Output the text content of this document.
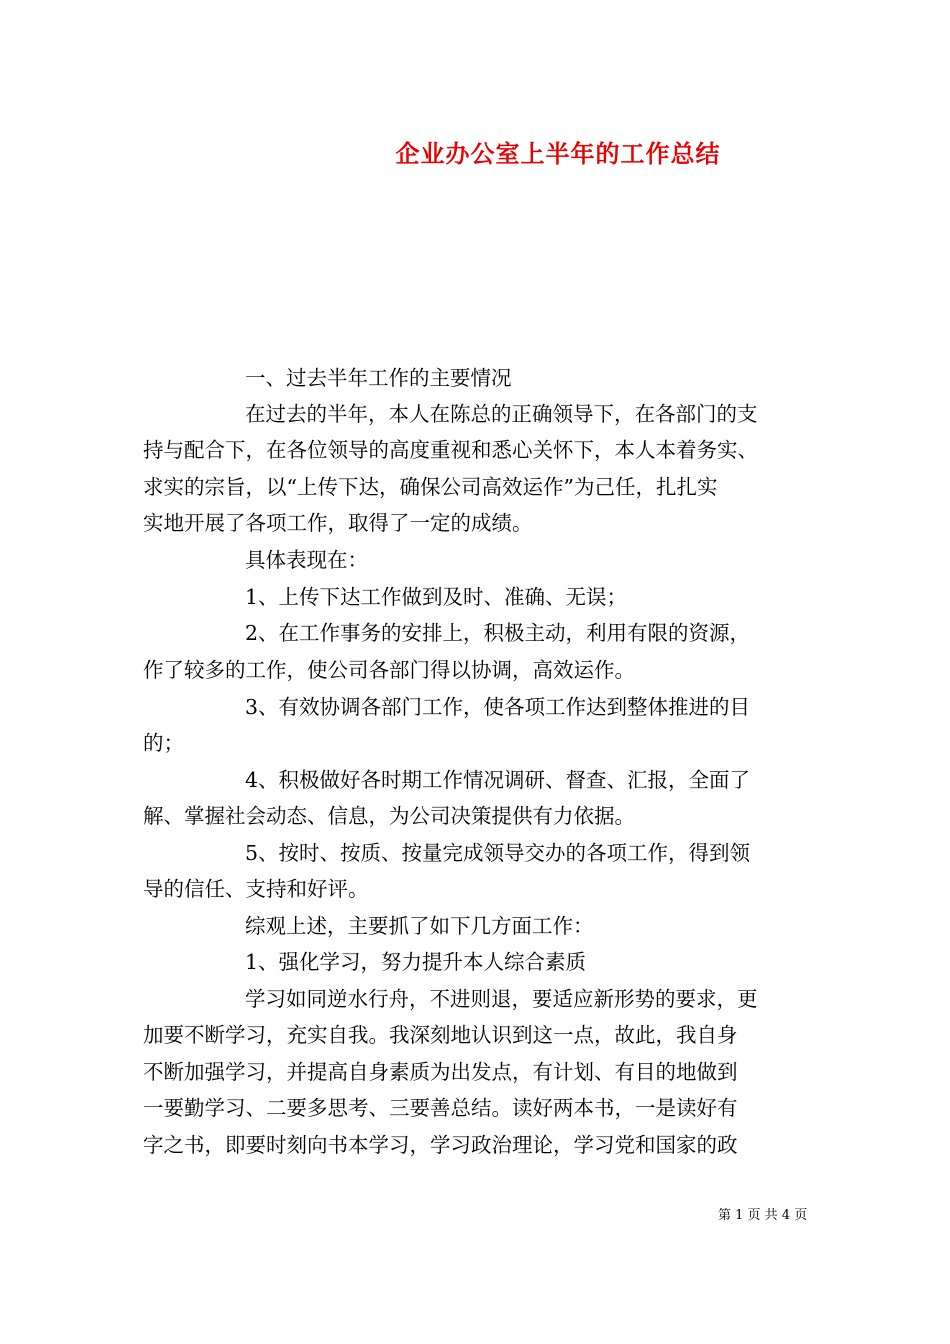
企业办公室上半年的工作总结
一、过去半年工作的主要情况
在过去的半年，本人在陈总的正确领导下，在各部门的支
持与配合下，在各位领导的高度重视和悉心关怀下，本人本着务实、
求实的宗旨，以“上传下达，确保公司高效运作”为己任，扎扎实
实地开展了各项工作，取得了一定的成绩。
具体表现在：
1、上传下达工作做到及时、准确、无误；
2、在工作事务的安排上，积极主动，利用有限的资源，
作了较多的工作，使公司各部门得以协调，高效运作。
3、有效协调各部门工作，使各项工作达到整体推进的目
的；
4、积极做好各时期工作情况调研、督查、汇报，全面了
解、掌握社会动态、信息，为公司决策提供有力依据。
5、按时、按质、按量完成领导交办的各项工作，得到领
导的信任、支持和好评。
综观上述，主要抓了如下几方面工作：
1、强化学习，努力提升本人综合素质
学习如同逆水行舟，不进则退，要适应新形势的要求，更
加要不断学习，充实自我。我深刻地认识到这一点，故此，我自身
不断加强学习，并提高自身素质为出发点，有计划、有目的地做到
一要勤学习、二要多思考、三要善总结。读好两本书，一是读好有
字之书，即要时刻向书本学习，学习政治理论，学习党和国家的政
第 1 页 共 4 页
